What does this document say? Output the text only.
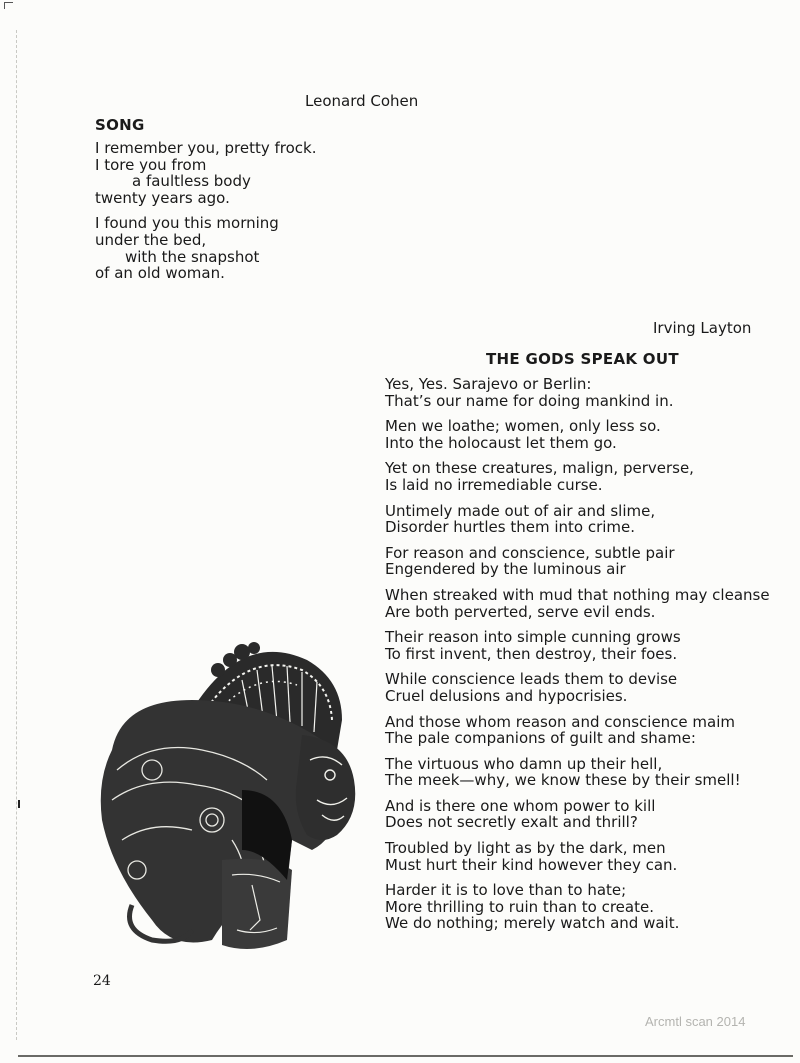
Leonard Cohen
SONG
I remember you, pretty frock.
I tore you from
a faultless body
twenty years ago.
I found you this morning
under the bed,
with the snapshot
of an old woman.
Irving Layton
THE GODS SPEAK OUT
Yes, Yes. Sarajevo or Berlin:
That’s our name for doing mankind in.
Men we loathe; women, only less so.
Into the holocaust let them go.
Yet on these creatures, malign, perverse,
Is laid no irremediable curse.
Untimely made out of air and slime,
Disorder hurtles them into crime.
For reason and conscience, subtle pair
Engendered by the luminous air
When streaked with mud that nothing may cleanse
Are both perverted, serve evil ends.
Their reason into simple cunning grows
To first invent, then destroy, their foes.
While conscience leads them to devise
Cruel delusions and hypocrisies.
And those whom reason and conscience maim
The pale companions of guilt and shame:
The virtuous who damn up their hell,
The meek—why, we know these by their smell!
And is there one whom power to kill
Does not secretly exalt and thrill?
Troubled by light as by the dark, men
Must hurt their kind however they can.
Harder it is to love than to hate;
More thrilling to ruin than to create.
We do nothing; merely watch and wait.
24
Arcmtl scan 2014
